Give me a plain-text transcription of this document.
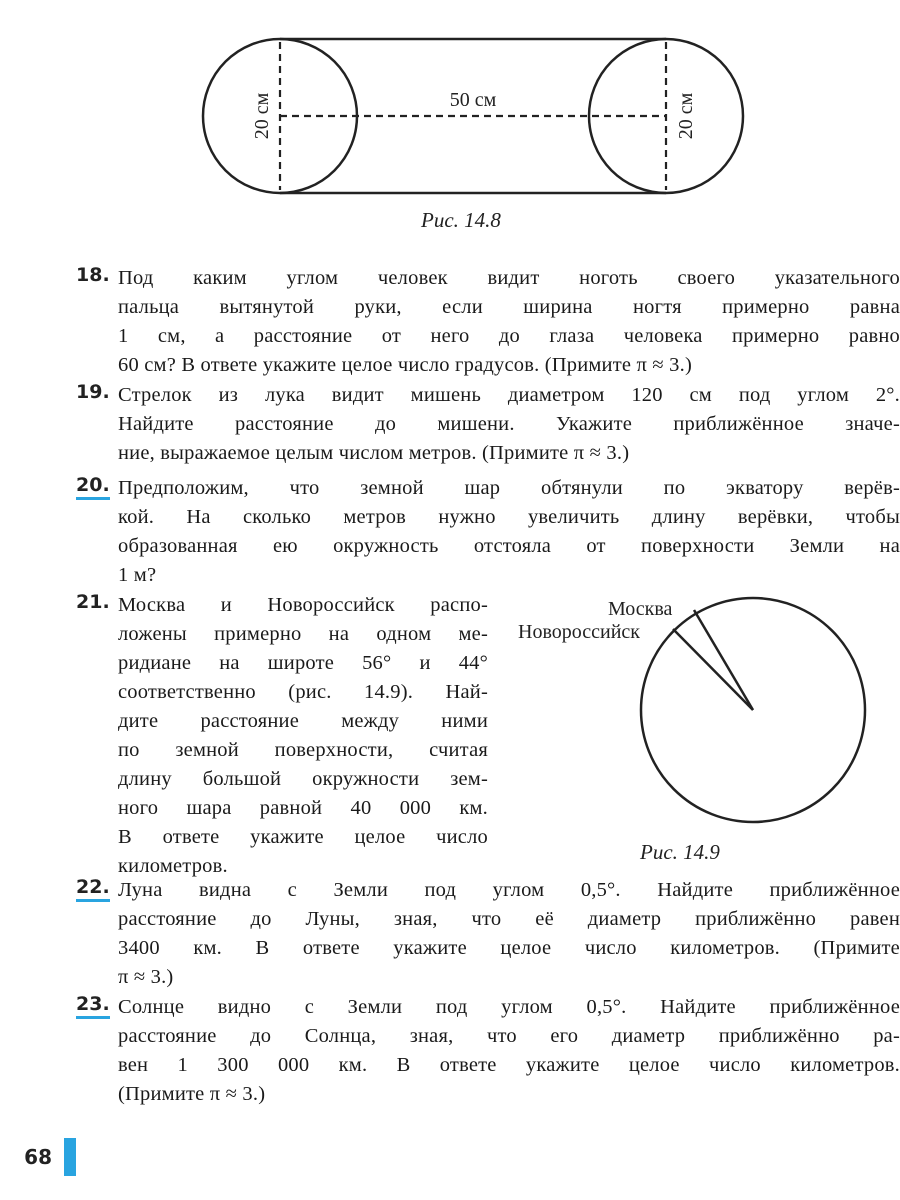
50 см
20 см	20 см
Рис. 14.8
18. Под каким углом человек видит ноготь своего указательного
пальца вытянутой руки, если ширина ногтя примерно равна
1 см, а расстояние от него до глаза человека примерно равно
60 см? В ответе укажите целое число градусов. (Примите π ≈ 3.)
19. Стрелок из лука видит мишень диаметром 120 см под углом 2°.
Найдите расстояние до мишени. Укажите приближённое значе-
ние, выражаемое целым числом метров. (Примите π ≈ 3.)
20. Предположим, что земной шар обтянули по экватору верёв-
кой. На сколько метров нужно увеличить длину верёвки, чтобы
образованная ею окружность отстояла от поверхности Земли на
1 м?
21. Москва и Новороссийск распо-
ложены примерно на одном ме-
ридиане на широте 56° и 44°
соответственно (рис. 14.9). Най-
дите расстояние между ними
по земной поверхности, считая
длину большой окружности зем-
ного шара равной 40 000 км.
В ответе укажите целое число
километров.
Москва
Новороссийск
Рис. 14.9
22. Луна видна с Земли под углом 0,5°. Найдите приближённое
расстояние до Луны, зная, что её диаметр приближённо равен
3400 км. В ответе укажите целое число километров. (Примите
π ≈ 3.)
23. Солнце видно с Земли под углом 0,5°. Найдите приближённое
расстояние до Солнца, зная, что его диаметр приближённо ра-
вен 1 300 000 км. В ответе укажите целое число километров.
(Примите π ≈ 3.)
68
